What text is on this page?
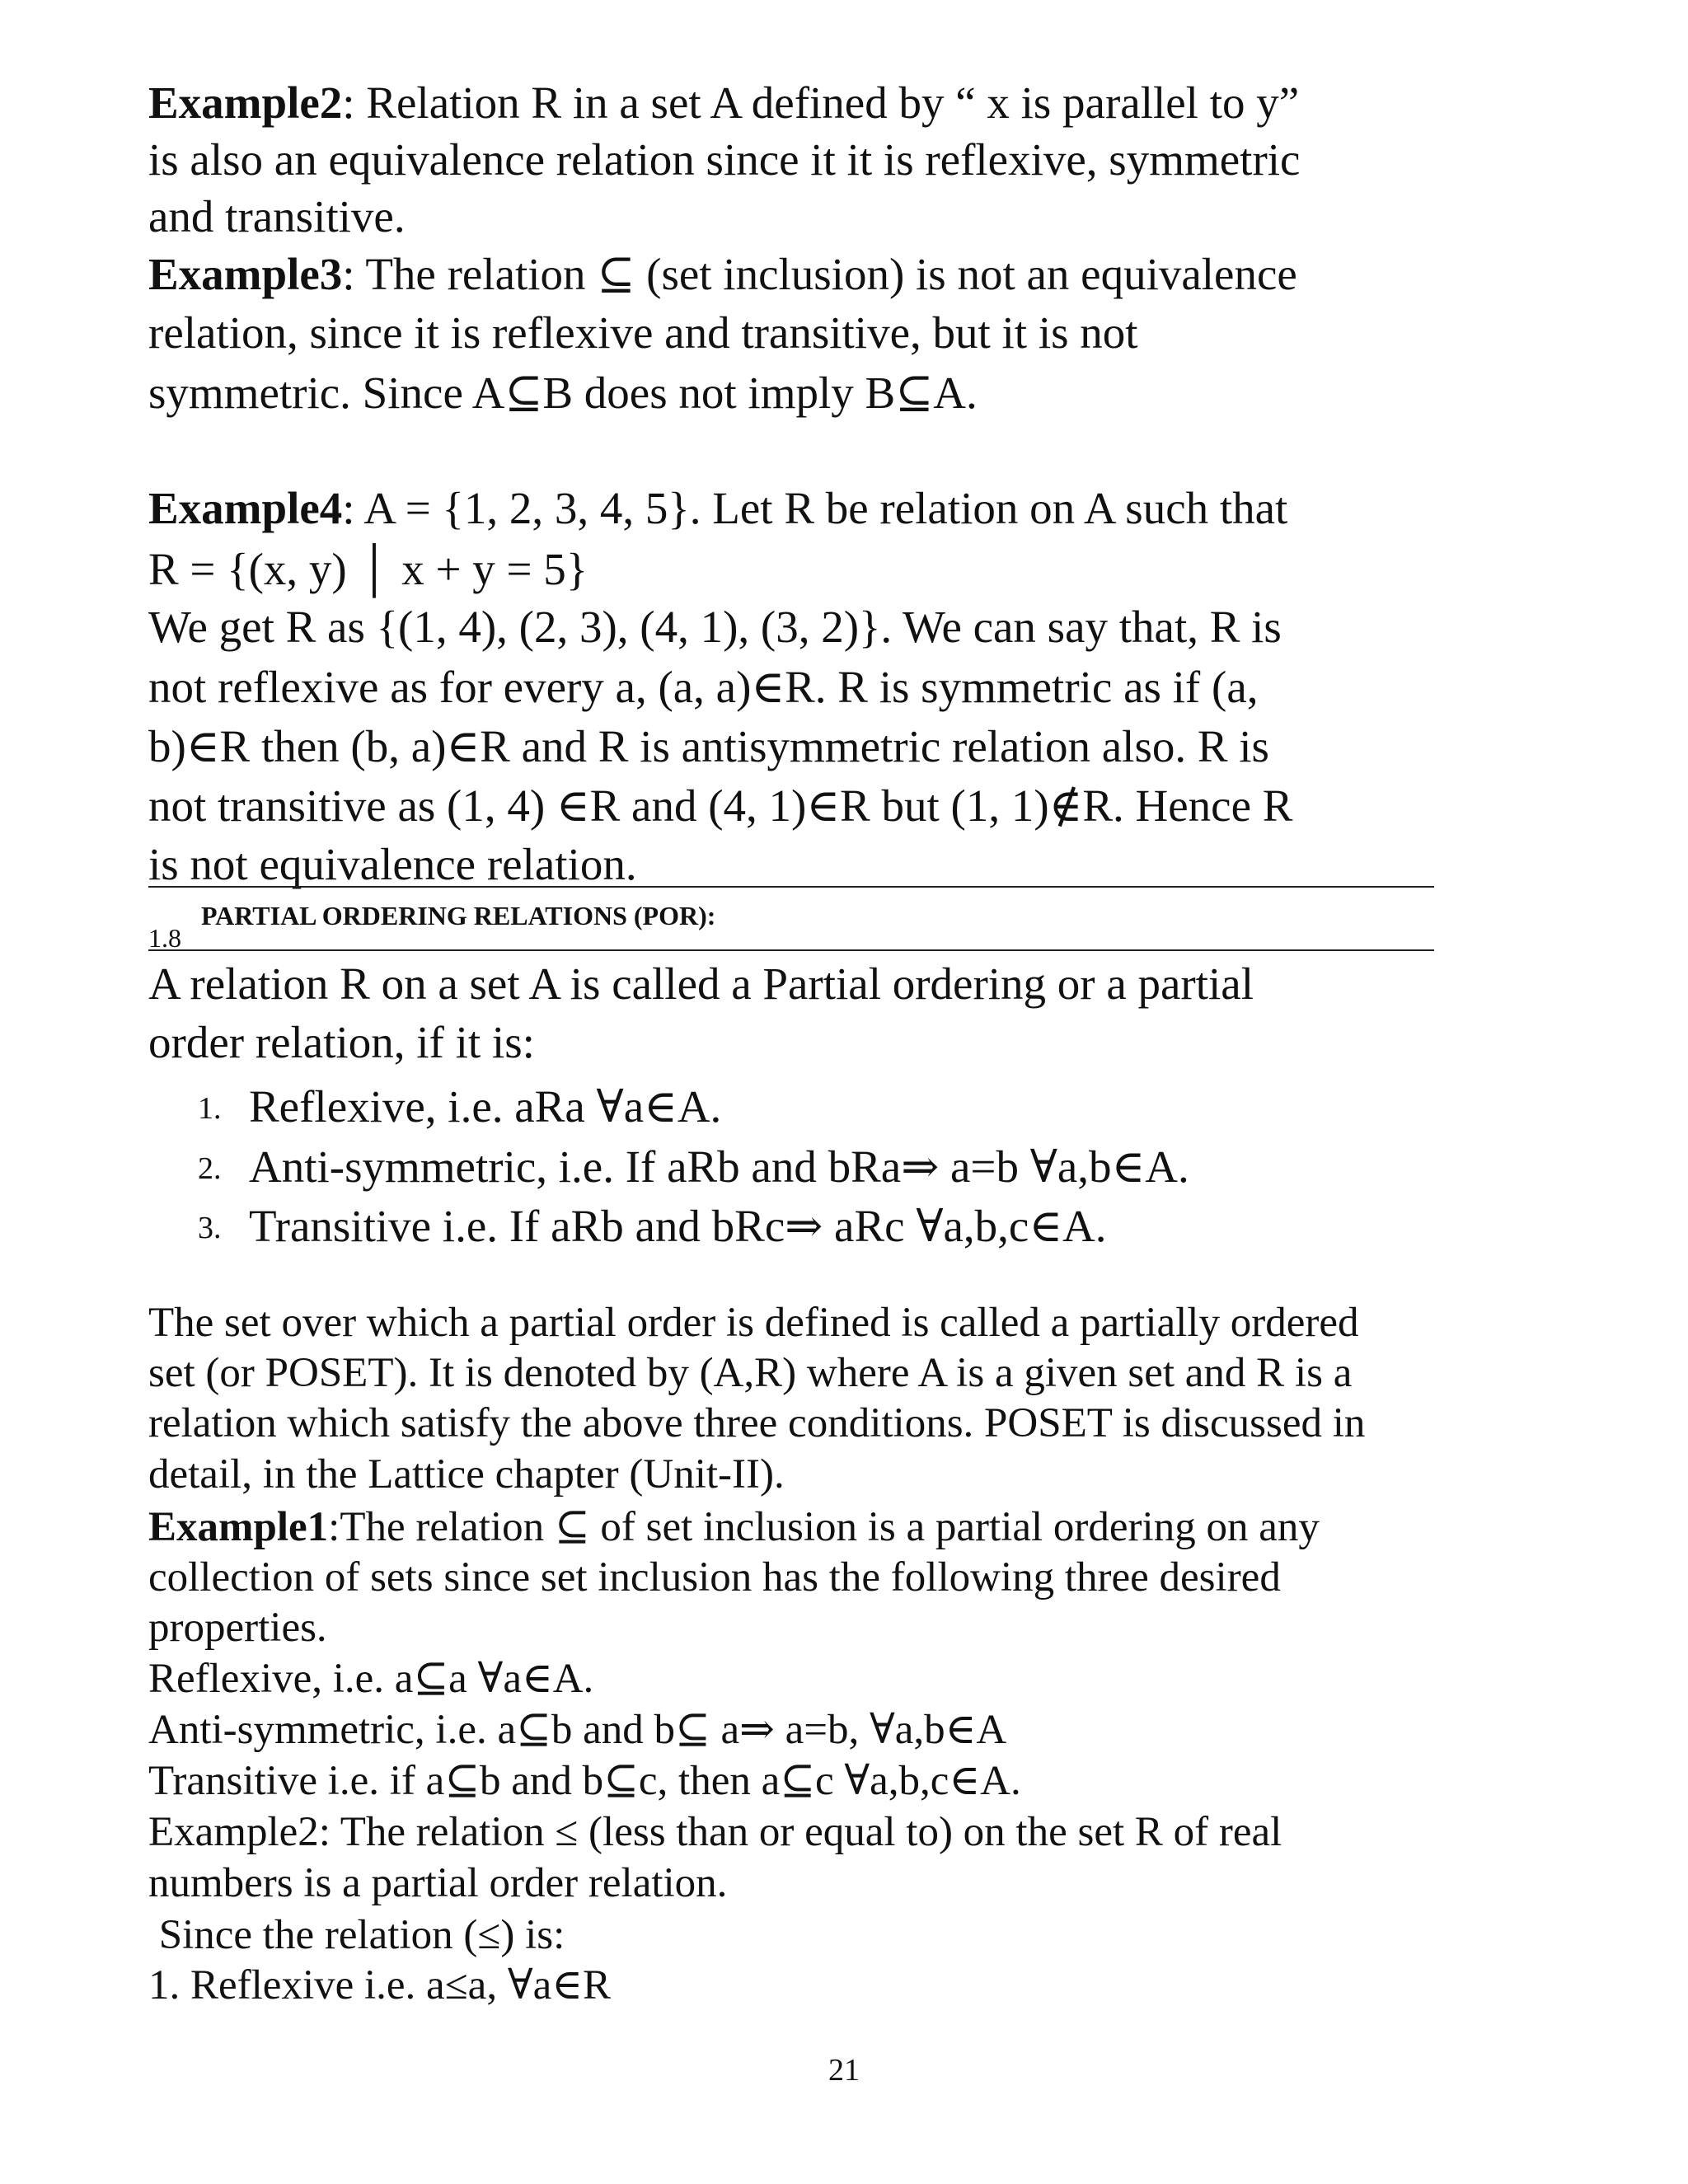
Example2: Relation R in a set A defined by “ x is parallel to y”
is also an equivalence relation since it it is reflexive, symmetric
and transitive.
Example3: The relation ⊆ (set inclusion) is not an equivalence
relation, since it is reflexive and transitive, but it is not
symmetric. Since A⊆B does not imply B⊆A.
Example4: A = {1, 2, 3, 4, 5}. Let R be relation on A such that
R = {(x, y) │ x + y = 5}
We get R as {(1, 4), (2, 3), (4, 1), (3, 2)}. We can say that, R is
not reflexive as for every a, (a, a)∈R. R is symmetric as if (a,
b)∈R then (b, a)∈R and R is antisymmetric relation also. R is
not transitive as (1, 4) ∈R and (4, 1)∈R but (1, 1)∉R. Hence R
is not equivalence relation.
1.8
PARTIAL ORDERING RELATIONS (POR):
A relation R on a set A is called a Partial ordering or a partial
order relation, if it is:
1. Reflexive, i.e. aRa ∀a∈A.
2. Anti-symmetric, i.e. If aRb and bRa⇒ a=b ∀a,b∈A.
3. Transitive i.e. If aRb and bRc⇒ aRc ∀a,b,c∈A.
The set over which a partial order is defined is called a partially ordered
set (or POSET). It is denoted by (A,R) where A is a given set and R is a
relation which satisfy the above three conditions. POSET is discussed in
detail, in the Lattice chapter (Unit-II).
Example1:The relation ⊆ of set inclusion is a partial ordering on any
collection of sets since set inclusion has the following three desired
properties.
Reflexive, i.e. a⊆a ∀a∈A.
Anti-symmetric, i.e. a⊆b and b⊆ a⇒ a=b, ∀a,b∈A
Transitive i.e. if a⊆b and b⊆c, then a⊆c ∀a,b,c∈A.
Example2: The relation ≤ (less than or equal to) on the set R of real
numbers is a partial order relation.
Since the relation (≤) is:
1. Reflexive i.e. a≤a, ∀a∈R
21
